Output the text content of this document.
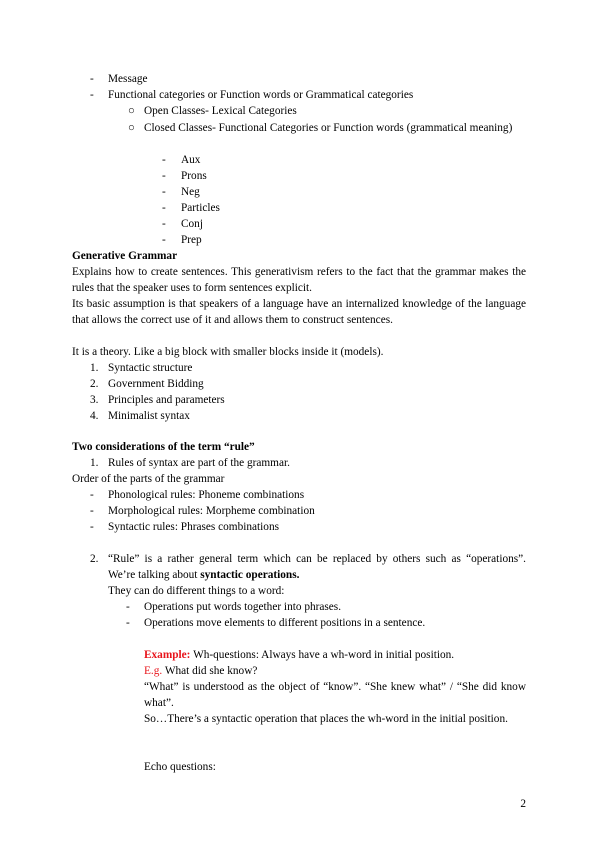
- Message
- Functional categories or Function words or Grammatical categories
○ Open Classes- Lexical Categories
○ Closed Classes- Functional Categories or Function words (grammatical meaning)
- Aux
- Prons
- Neg
- Particles
- Conj
- Prep
Generative Grammar
Explains how to create sentences. This generativism refers to the fact that the grammar makes the rules that the speaker uses to form sentences explicit.
Its basic assumption is that speakers of a language have an internalized knowledge of the language that allows the correct use of it and allows them to construct sentences.
It is a theory. Like a big block with smaller blocks inside it (models).
1. Syntactic structure
2. Government Bidding
3. Principles and parameters
4. Minimalist syntax
Two considerations of the term “rule”
1. Rules of syntax are part of the grammar.
Order of the parts of the grammar
- Phonological rules: Phoneme combinations
- Morphological rules: Morpheme combination
- Syntactic rules: Phrases combinations
2. “Rule” is a rather general term which can be replaced by others such as “operations”.
We’re talking about syntactic operations.
They can do different things to a word:
- Operations put words together into phrases.
- Operations move elements to different positions in a sentence.
Example: Wh-questions: Always have a wh-word in initial position.
E.g. What did she know?
“What” is understood as the object of “know”. “She knew what” / “She did know what”.
So…There’s a syntactic operation that places the wh-word in the initial position.
Echo questions:
2
